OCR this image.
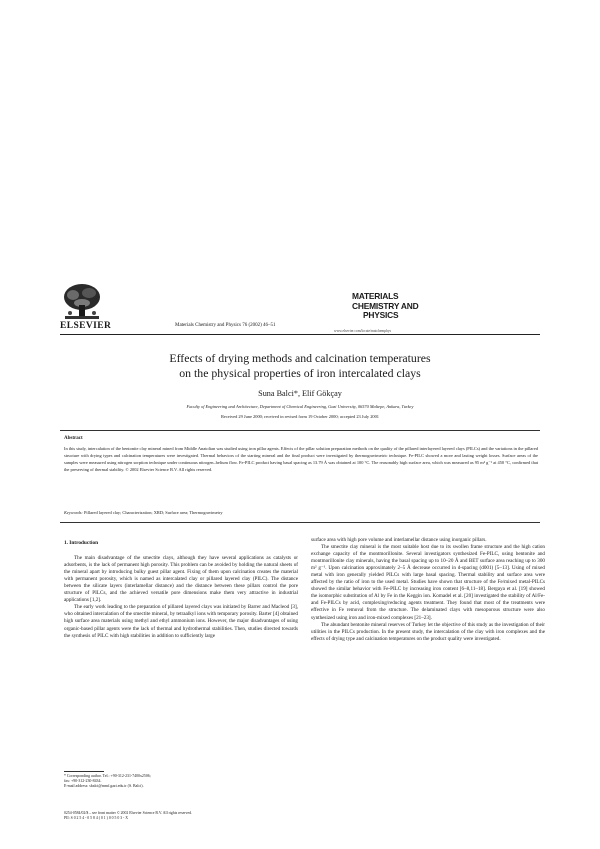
ELSEVIER	Materials Chemistry and Physics 76 (2002) 46–51
MATERIALS
CHEMISTRY AND
PHYSICS
www.elsevier.com/locate/matchemphys
Effects of drying methods and calcination temperatures
on the physical properties of iron intercalated clays
Suna Balci*, Elif Gökçay
Faculty of Engineering and Architecture, Department of Chemical Engineering, Gazi University, 06570 Maltepe, Ankara, Turkey
Received 29 June 2000; received in revised form 19 October 2000; accepted 23 July 2001
Abstract
In this study, intercalation of the bentonite clay mineral mined from Middle Anatolian was studied using iron pillar agents. Effects of the pillar solution preparation methods on the quality of the pillared interlayered layered clays (PILCs) and the variations in the pillared structure with drying types and calcination temperatures were investigated. Thermal behaviors of the starting mineral and the final product were investigated by thermogravimetric technique. Fe-PILC showed a more and lasting weight losses. Surface areas of the samples were measured using nitrogen sorption technique under continuous nitrogen–helium flow. Fe-PILC product having basal spacing as 13.79 Å was obtained at 100 °C. The reasonably high surface area, which was measured as 95 m² g⁻¹ at 450 °C, confirmed that the preserving of thermal stability. © 2002 Elsevier Science B.V. All rights reserved.
Keywords: Pillared layered clay; Characterization; XRD; Surface area; Thermogravimetry
1. Introduction

The main disadvantage of the smectite clays, although they have several applications as catalysts or adsorbents, is the lack of permanent high porosity. This problem can be avoided by holding the natural sheets of the mineral apart by introducing bulky guest pillar agent. Fixing of them upon calcination creates the material with permanent porosity, which is named as intercalated clay or pillared layered clay (PILC). The distance between the silicate layers (interlamellar distance) and the distance between these pillars control the pore structure of PILCs, and the achieved versatile pore dimensions make them very attractive in industrial applications [1,2].

The early work leading to the preparation of pillared layered clays was initiated by Barrer and Macleod [3], who obtained intercalation of the smectite mineral, by tetraalkyl ions with temporary porosity. Barter [4] obtained high surface area materials using methyl and ethyl ammonium ions. However, the major disadvantages of using organic-based pillar agents were the lack of thermal and hydrothermal stabilities. Then, studies directed towards the synthesis of PILC with high stabilities in addition to sufficiently large

surface area with high pore volume and interlamellar distance using inorganic pillars.

The smectite clay mineral is the most suitable host due to its swollen frame structure and the high cation exchange capacity of the montmorillonite. Several investigators synthesized Fe-PILC, using bentonite and montmorillonite clay minerals, having the basal spacing up to 10–20 Å and BET surface area reaching up to 300 m² g⁻¹. Upon calcination approximately 2–5 Å decrease occurred in d-spacing (d001) [5–13]. Using of mixed metal with iron generally yielded PILCs with large basal spacing. Thermal stability and surface area were affected by the ratio of iron to the used metal. Studies have shown that structure of the Fe/mixed metal-PILCs showed the similar behavior with Fe-PILC by increasing iron content [6–8,11–18]. Bergaya et al. [19] showed the isomorphic substitution of Al by Fe in the Keggin ion. Komadel et al. [20] investigated the stability of Al/Fe- and Fe-PILCs by acid, complexing/reducing agents treatment. They found that most of the treatments were effective in Fe removal from the structure. The delaminated clays with mesoporous structure were also synthesized using iron and iron-mixed complexes [21–23].

The abundant bentonite mineral reserves of Turkey let the objective of this study as the investigation of their utilities in the PILCs production. In the present study, the intercalation of the clay with iron complexes and the effects of drying type and calcination temperatures on the product quality were investigated.

* Corresponding author. Tel.: +90-312-231-7400x2506;
fax: +90-312-230-8434.
E-mail address: sbalci@mmf.gazi.edu.tr (S. Balci).
0254-0584/02/$ – see front matter © 2002 Elsevier Science B.V. All rights reserved.
PII: S 0 2 5 4 - 0 5 8 4 ( 0 1 ) 0 0 5 0 3 - X
